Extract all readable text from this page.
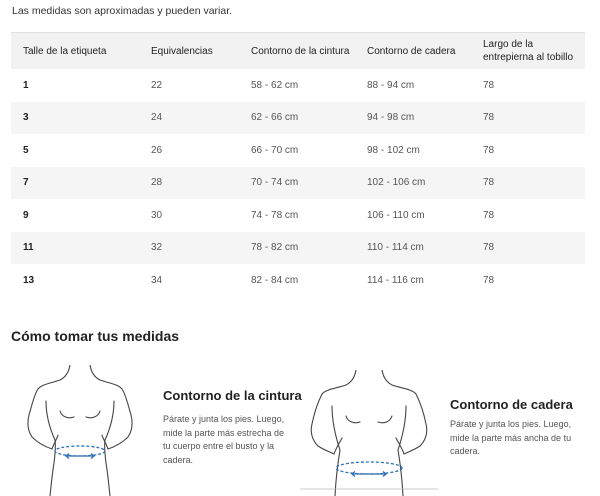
Las medidas son aproximadas y pueden variar.
Talle de la etiqueta	Equivalencias	Contorno de la cintura	Contorno de cadera	Largo de la entrepierna al tobillo
1	22	58 - 62 cm	88 - 94 cm	78
3	24	62 - 66 cm	94 - 98 cm	78
5	26	66 - 70 cm	98 - 102 cm	78
7	28	70 - 74 cm	102 - 106 cm	78
9	30	74 - 78 cm	106 - 110 cm	78
11	32	78 - 82 cm	110 - 114 cm	78
13	34	82 - 84 cm	114 - 116 cm	78
Cómo tomar tus medidas
Contorno de la cintura
Párate y junta los pies. Luego, mide la parte más estrecha de tu cuerpo entre el busto y la cadera.
Contorno de cadera
Párate y junta los pies. Luego, mide la parte más ancha de tu cadera.
